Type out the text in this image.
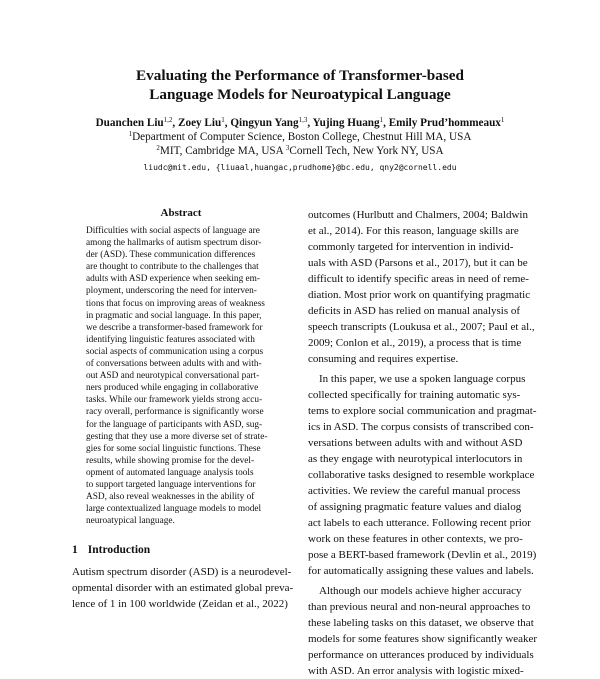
Evaluating the Performance of Transformer-based
Language Models for Neuroatypical Language
Duanchen Liu$^{1,2}$, Zoey Liu$^1$, Qingyun Yang$^{1,3}$, Yujing Huang$^1$, Emily Prud’hommeaux$^1$
$^1$Department of Computer Science, Boston College, Chestnut Hill MA, USA
$^2$MIT, Cambridge MA, USA $^3$Cornell Tech, New York NY, USA
liudc@mit.edu, {liuaal,huangac,prudhome}@bc.edu, qny2@cornell.edu
Abstract
Difficulties with social aspects of language are
among the hallmarks of autism spectrum disor-
der (ASD). These communication differences
are thought to contribute to the challenges that
adults with ASD experience when seeking em-
ployment, underscoring the need for interven-
tions that focus on improving areas of weakness
in pragmatic and social language. In this paper,
we describe a transformer-based framework for
identifying linguistic features associated with
social aspects of communication using a corpus
of conversations between adults with and with-
out ASD and neurotypical conversational part-
ners produced while engaging in collaborative
tasks. While our framework yields strong accu-
racy overall, performance is significantly worse
for the language of participants with ASD, sug-
gesting that they use a more diverse set of strate-
gies for some social linguistic functions. These
results, while showing promise for the devel-
opment of automated language analysis tools
to support targeted language interventions for
ASD, also reveal weaknesses in the ability of
large contextualized language models to model
neuroatypical language.
1 Introduction
Autism spectrum disorder (ASD) is a neurodevel-
opmental disorder with an estimated global preva-
lence of 1 in 100 worldwide (Zeidan et al., 2022)
outcomes (Hurlbutt and Chalmers, 2004; Baldwin
et al., 2014). For this reason, language skills are
commonly targeted for intervention in individ-
uals with ASD (Parsons et al., 2017), but it can be
difficult to identify specific areas in need of reme-
diation. Most prior work on quantifying pragmatic
deficits in ASD has relied on manual analysis of
speech transcripts (Loukusa et al., 2007; Paul et al.,
2009; Conlon et al., 2019), a process that is time
consuming and requires expertise.
In this paper, we use a spoken language corpus
collected specifically for training automatic sys-
tems to explore social communication and pragmat-
ics in ASD. The corpus consists of transcribed con-
versations between adults with and without ASD
as they engage with neurotypical interlocutors in
collaborative tasks designed to resemble workplace
activities. We review the careful manual process
of assigning pragmatic feature values and dialog
act labels to each utterance. Following recent prior
work on these features in other contexts, we pro-
pose a BERT-based framework (Devlin et al., 2019)
for automatically assigning these values and labels.
Although our models achieve higher accuracy
than previous neural and non-neural approaches to
these labeling tasks on this dataset, we observe that
models for some features show significantly weaker
performance on utterances produced by individuals
with ASD. An error analysis with logistic mixed-
